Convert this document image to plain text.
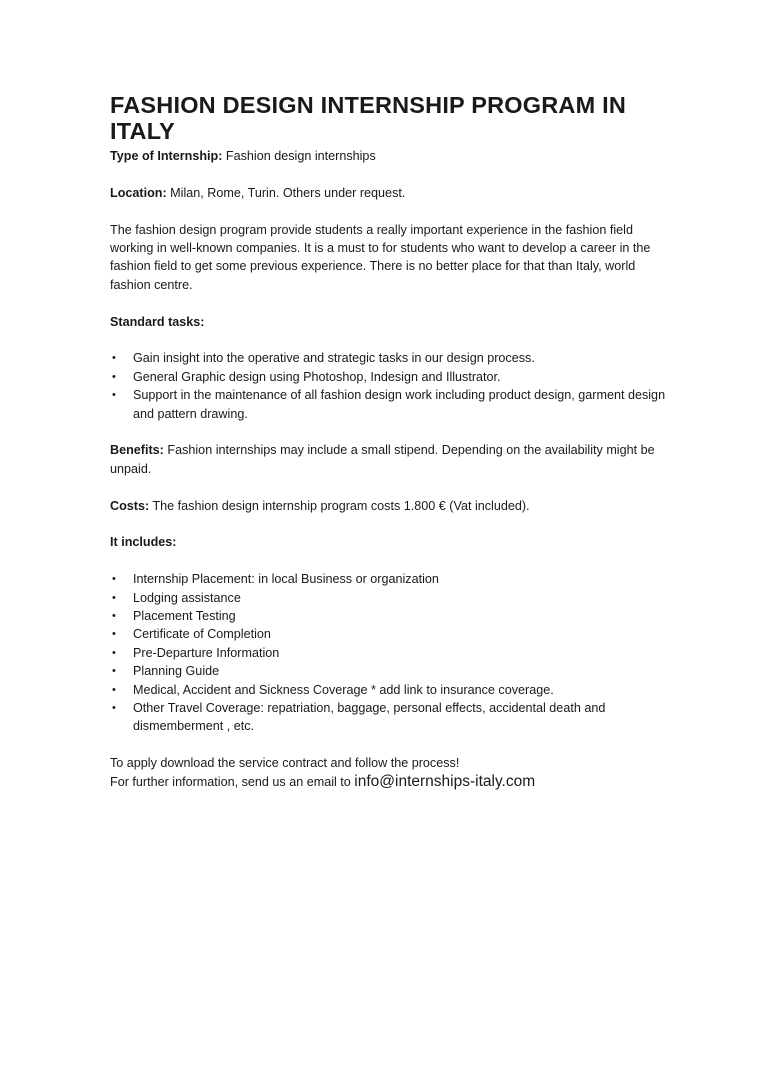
FASHION DESIGN INTERNSHIP PROGRAM IN ITALY

Type of Internship: Fashion design internships

Location: Milan, Rome, Turin. Others under request.

The fashion design program provide students a really important experience in the fashion field working in well-known companies. It is a must to for students who want to develop a career in the fashion field to get some previous experience. There is no better place for that than Italy, world fashion centre.

Standard tasks:

• Gain insight into the operative and strategic tasks in our design process.
• General Graphic design using Photoshop, Indesign and Illustrator.
• Support in the maintenance of all fashion design work including product design, garment design and pattern drawing.

Benefits: Fashion internships may include a small stipend. Depending on the availability might be unpaid.

Costs: The fashion design internship program costs 1.800 € (Vat included).

It includes:

• Internship Placement: in local Business or organization
• Lodging assistance
• Placement Testing
• Certificate of Completion
• Pre-Departure Information
• Planning Guide
• Medical, Accident and Sickness Coverage * add link to insurance coverage.
• Other Travel Coverage: repatriation, baggage, personal effects, accidental death and dismemberment , etc.

To apply download the service contract and follow the process!

For further information, send us an email to info@internships-italy.com
